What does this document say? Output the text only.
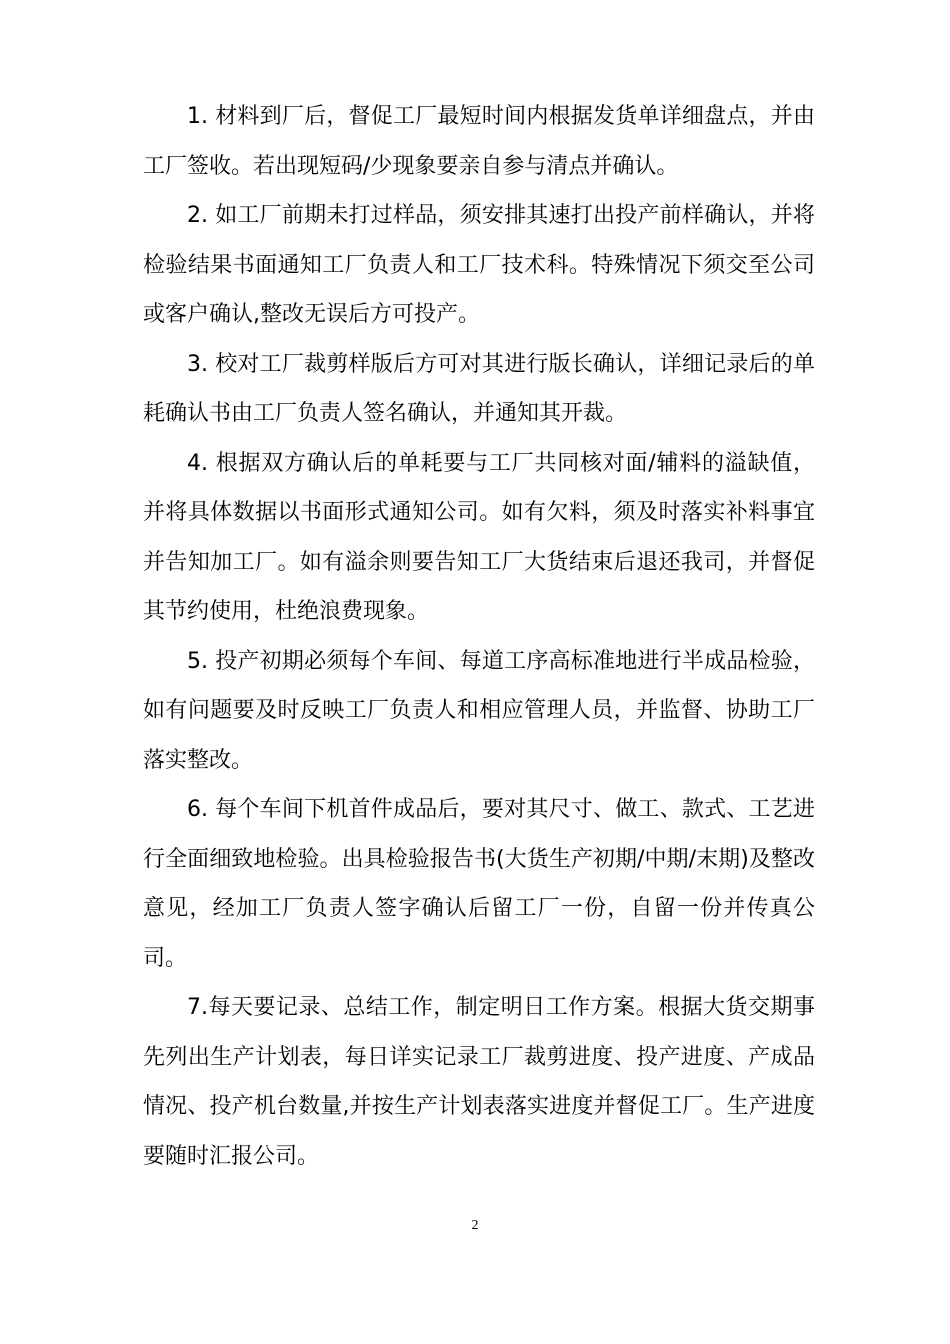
1. 材料到厂后，督促工厂最短时间内根据发货单详细盘点，并由工厂签收。若出现短码/少现象要亲自参与清点并确认。

2. 如工厂前期未打过样品，须安排其速打出投产前样确认，并将检验结果书面通知工厂负责人和工厂技术科。特殊情况下须交至公司或客户确认,整改无误后方可投产。

3. 校对工厂裁剪样版后方可对其进行版长确认，详细记录后的单耗确认书由工厂负责人签名确认，并通知其开裁。

4. 根据双方确认后的单耗要与工厂共同核对面/辅料的溢缺值，并将具体数据以书面形式通知公司。如有欠料，须及时落实补料事宜并告知加工厂。如有溢余则要告知工厂大货结束后退还我司，并督促其节约使用，杜绝浪费现象。

5. 投产初期必须每个车间、每道工序高标准地进行半成品检验，如有问题要及时反映工厂负责人和相应管理人员，并监督、协助工厂落实整改。

6. 每个车间下机首件成品后，要对其尺寸、做工、款式、工艺进行全面细致地检验。出具检验报告书(大货生产初期/中期/末期)及整改意见，经加工厂负责人签字确认后留工厂一份，自留一份并传真公司。

7.每天要记录、总结工作，制定明日工作方案。根据大货交期事先列出生产计划表，每日详实记录工厂裁剪进度、投产进度、产成品情况、投产机台数量,并按生产计划表落实进度并督促工厂。生产进度要随时汇报公司。

2
